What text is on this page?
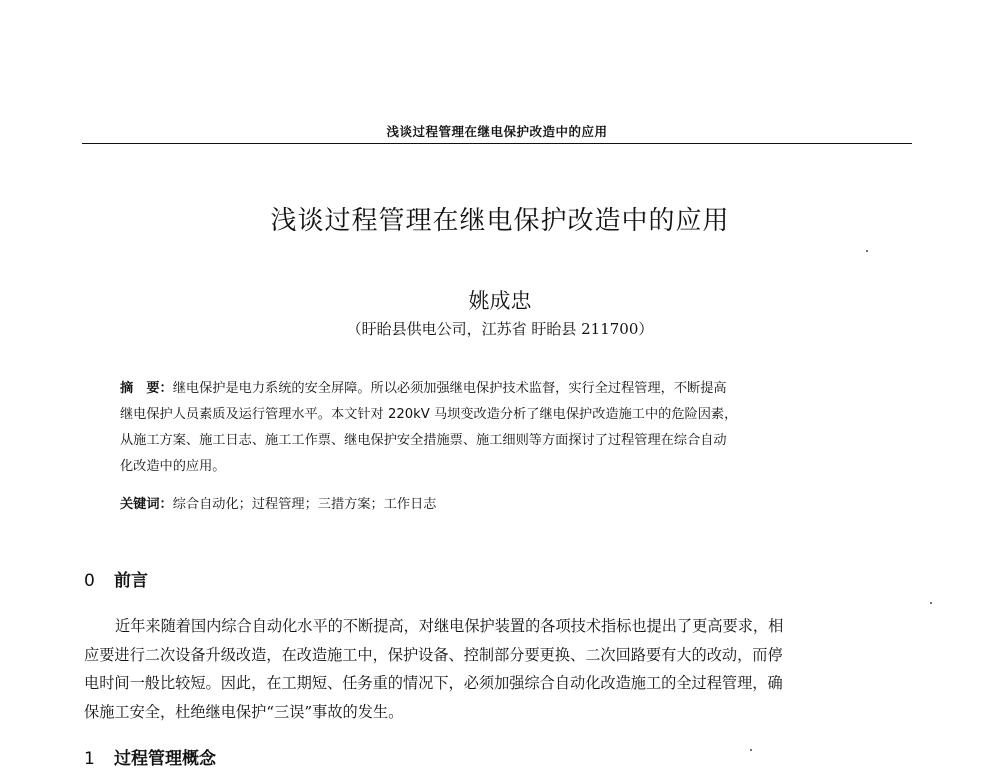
浅谈过程管理在继电保护改造中的应用
浅谈过程管理在继电保护改造中的应用
姚成忠
（盱眙县供电公司，江苏省 盱眙县 211700）
摘　要：继电保护是电力系统的安全屏障。所以必须加强继电保护技术监督，实行全过程管理，不断提高
继电保护人员素质及运行管理水平。本文针对 220kV 马坝变改造分析了继电保护改造施工中的危险因素，
从施工方案、施工日志、施工工作票、继电保护安全措施票、施工细则等方面探讨了过程管理在综合自动
化改造中的应用。
关键词：综合自动化；过程管理；三措方案；工作日志
0 前言
近年来随着国内综合自动化水平的不断提高，对继电保护装置的各项技术指标也提出了更高要求，相
应要进行二次设备升级改造，在改造施工中，保护设备、控制部分要更换、二次回路要有大的改动，而停
电时间一般比较短。因此，在工期短、任务重的情况下，必须加强综合自动化改造施工的全过程管理，确
保施工安全，杜绝继电保护“三误”事故的发生。
1 过程管理概念
